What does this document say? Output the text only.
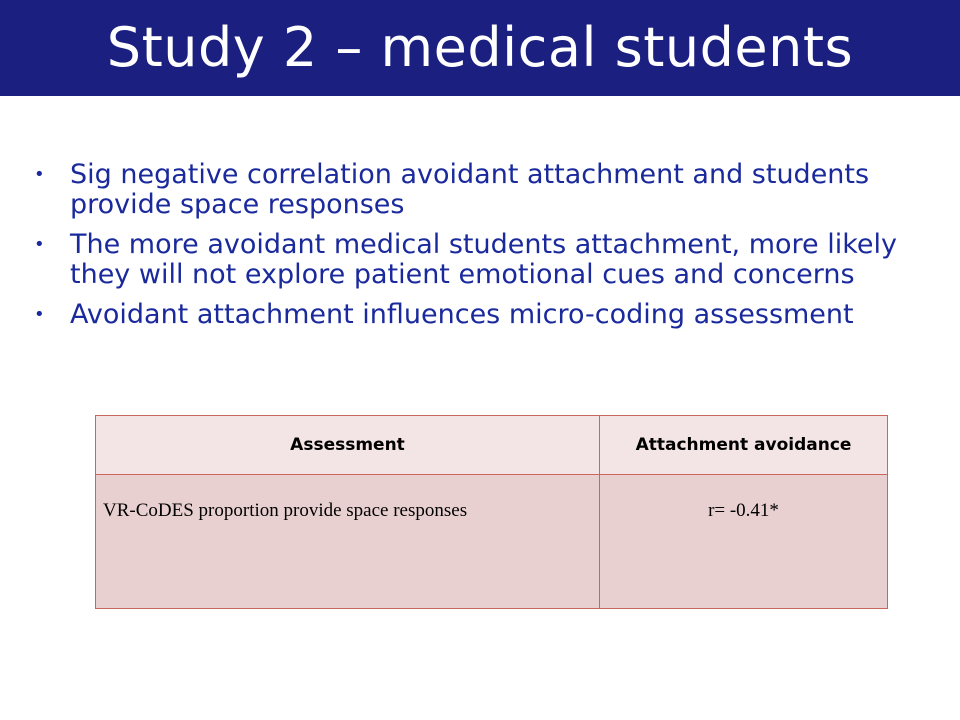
Study 2 – medical students
• Sig negative correlation avoidant attachment and students provide space responses
• The more avoidant medical students attachment, more likely they will not explore patient emotional cues and concerns
• Avoidant attachment influences micro-coding assessment
Assessment	Attachment avoidance
VR-CoDES proportion provide space responses	r= -0.41*
